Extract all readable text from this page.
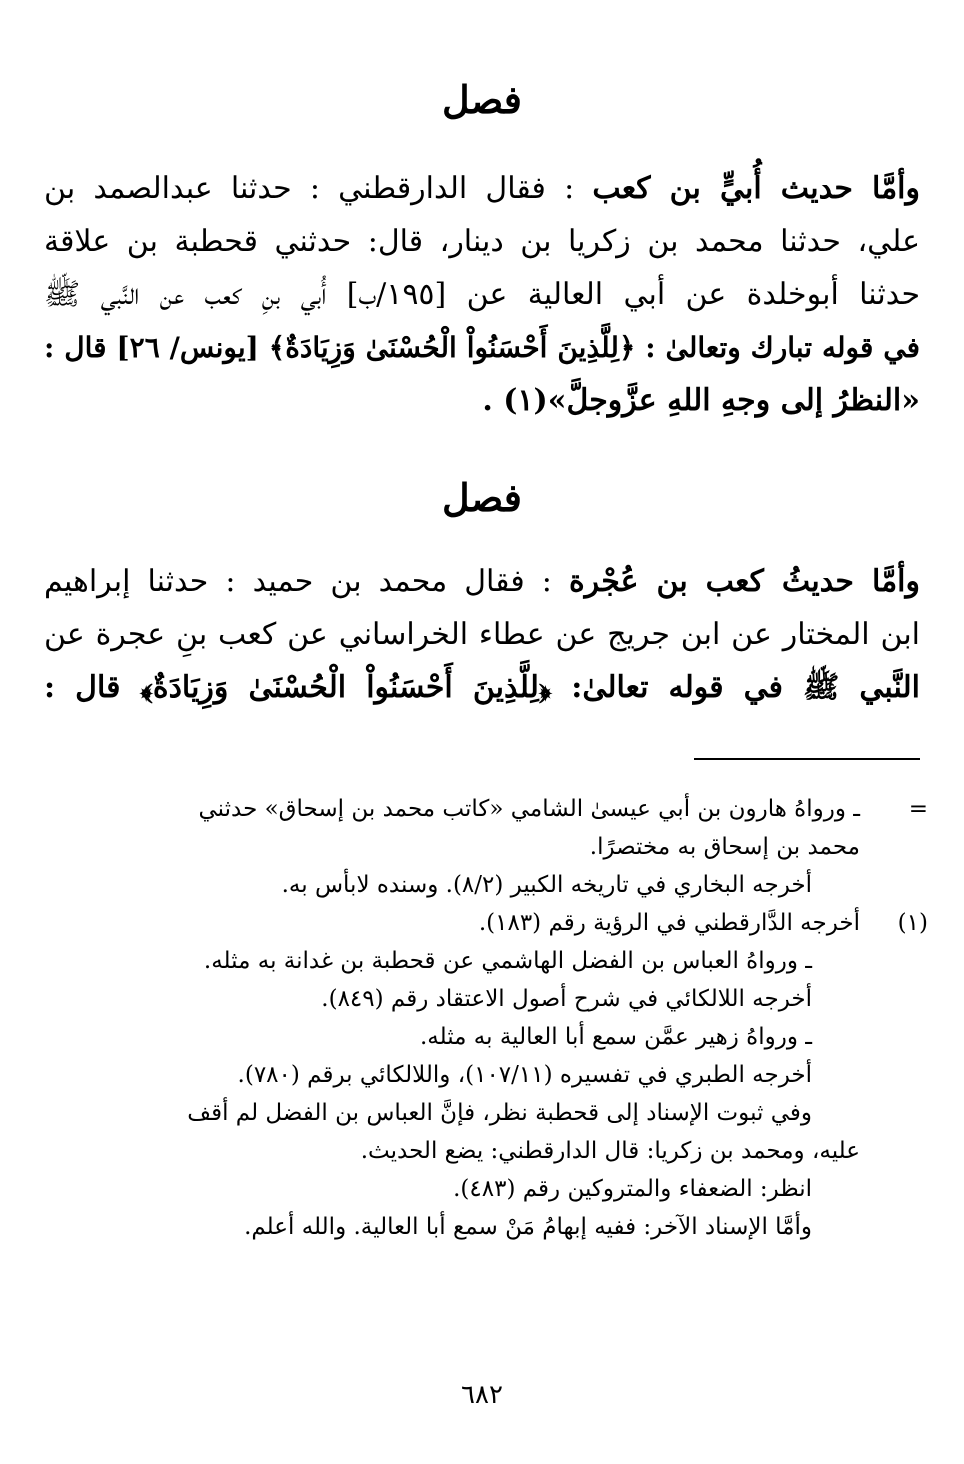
فصل
وأمَّا حديث أُبيٍّ بن كعب : فقال الدارقطني : حدثنا عبدالصمد بن
علي، حدثنا محمد بن زكريا بن دينار، قال: حدثني قحطبة بن علاقة
حدثنا أبوخلدة عن أبي العالية عن [١٩٥/ب] أُبي بنِ كعب عن النَّبي ﷺ
في قوله تبارك وتعالىٰ : ﴿لِلَّذِينَ أَحْسَنُواْ الْحُسْنَىٰ وَزِيَادَةٌ﴾ [يونس/ ٢٦] قال :
«النظرُ إلى وجهِ اللهِ عزَّوجلَّ»(١) .
فصل
وأمَّا حديثُ كعب بن عُجْرة : فقال محمد بن حميد : حدثنا إبراهيم
ابن المختار عن ابن جريج عن عطاء الخراساني عن كعب بنِ عجرة عن
النَّبي ﷺ في قوله تعالىٰ: ﴿لِلَّذِينَ أَحْسَنُواْ الْحُسْنَىٰ وَزِيَادَةٌ﴾ قال :
=
ـ ورواهُ هارون بن أبي عيسىٰ الشامي «كاتب محمد بن إسحاق» حدثني
محمد بن إسحاق به مختصرًا.
أخرجه البخاري في تاريخه الكبير (٨/٢). وسنده لابأس به.
(١)
أخرجه الدَّارقطني في الرؤية رقم (١٨٣).
ـ ورواهُ العباس بن الفضل الهاشمي عن قحطبة بن غدانة به مثله.
أخرجه اللالكائي في شرح أصول الاعتقاد رقم (٨٤٩).
ـ ورواهُ زهير عمَّن سمع أبا العالية به مثله.
أخرجه الطبري في تفسيره (١٠٧/١١)، واللالكائي برقم (٧٨٠).
وفي ثبوت الإسناد إلى قحطبة نظر، فإنَّ العباس بن الفضل لم أقف
عليه، ومحمد بن زكريا: قال الدارقطني: يضع الحديث.
انظر: الضعفاء والمتروكين رقم (٤٨٣).
وأمَّا الإسناد الآخر: ففيه إبهامُ مَنْ سمع أبا العالية. والله أعلم.
٦٨٢
